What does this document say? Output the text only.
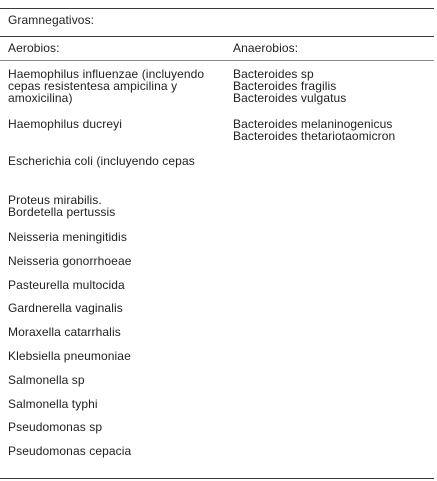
Gramnegativos:
Aerobios:	Anaerobios:
Haemophilus influenzae (incluyendo
cepas resistentesa ampicilina y
amoxicilina)
Haemophilus ducreyi
Escherichia coli (incluyendo cepas
Proteus mirabilis.
Bordetella pertussis
Neisseria meningitidis
Neisseria gonorrhoeae
Pasteurella multocida
Gardnerella vaginalis
Moraxella catarrhalis
Klebsiella pneumoniae
Salmonella sp
Salmonella typhi
Pseudomonas sp
Pseudomonas cepacia
Bacteroides sp
Bacteroides fragilis
Bacteroides vulgatus
Bacteroides melaninogenicus
Bacteroides thetariotaomicron
